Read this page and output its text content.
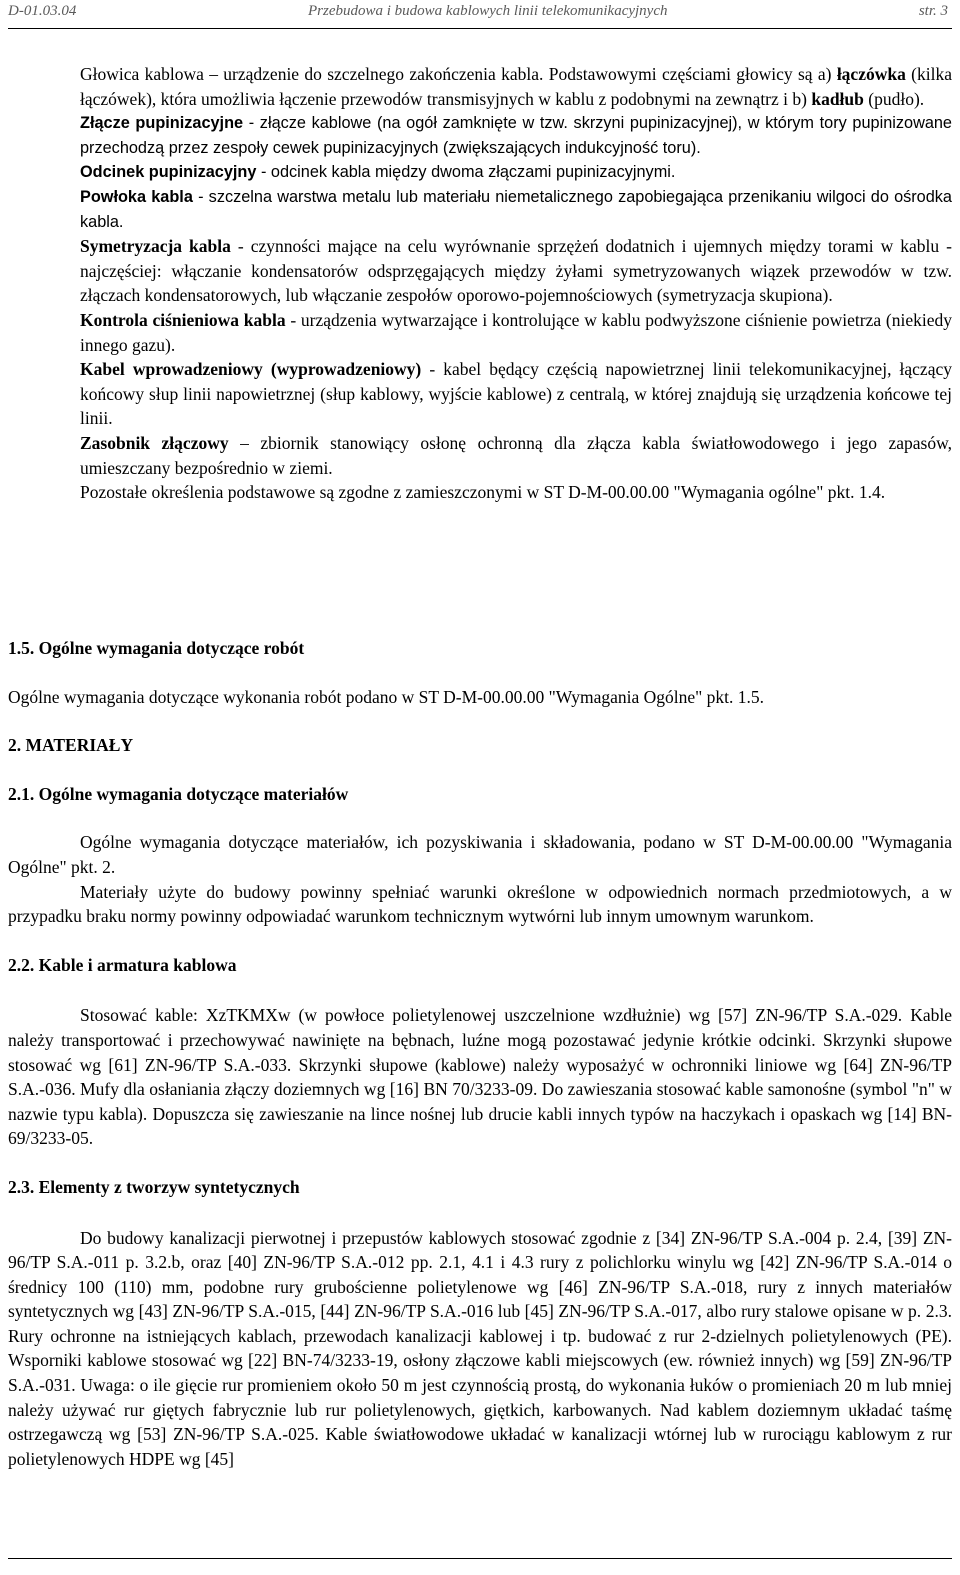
D-01.03.04	Przebudowa i budowa kablowych linii telekomunikacyjnych	str. 3

Głowica kablowa – urządzenie do szczelnego zakończenia kabla. Podstawowymi częściami głowicy są a) łączówka (kilka łączówek), która umożliwia łączenie przewodów transmisyjnych w kablu z podobnymi na zewnątrz i b) kadłub (pudło).

Złącze pupinizacyjne - złącze kablowe (na ogół zamknięte w tzw. skrzyni pupinizacyjnej), w którym tory pupinizowane przechodzą przez zespoły cewek pupinizacyjnych (zwiększających indukcyjność toru).

Odcinek pupinizacyjny - odcinek kabla między dwoma złączami pupinizacyjnymi.

Powłoka kabla - szczelna warstwa metalu lub materiału niemetalicznego zapobiegająca przenikaniu wilgoci do ośrodka kabla.

Symetryzacja kabla - czynności mające na celu wyrównanie sprzężeń dodatnich i ujemnych między torami w kablu - najczęściej: włączanie kondensatorów odsprzęgających między żyłami symetryzowanych wiązek przewodów w tzw. złączach kondensatorowych, lub włączanie zespołów oporowo-pojemnościowych (symetryzacja skupiona).

Kontrola ciśnieniowa kabla - urządzenia wytwarzające i kontrolujące w kablu podwyższone ciśnienie powietrza (niekiedy innego gazu).

Kabel wprowadzeniowy (wyprowadzeniowy) - kabel będący częścią napowietrznej linii telekomunikacyjnej, łączący końcowy słup linii napowietrznej (słup kablowy, wyjście kablowe) z centralą, w której znajdują się urządzenia końcowe tej linii.

Zasobnik złączowy – zbiornik stanowiący osłonę ochronną dla złącza kabla światłowodowego i jego zapasów, umieszczany bezpośrednio w ziemi.

Pozostałe określenia podstawowe są zgodne z zamieszczonymi w ST D-M-00.00.00 "Wymagania ogólne" pkt. 1.4.

1.5. Ogólne wymagania dotyczące robót

Ogólne wymagania dotyczące wykonania robót podano w ST D-M-00.00.00 "Wymagania Ogólne" pkt. 1.5.

2. MATERIAŁY
2.1. Ogólne wymagania dotyczące materiałów

Ogólne wymagania dotyczące materiałów, ich pozyskiwania i składowania, podano w ST D-M-00.00.00 "Wymagania Ogólne" pkt. 2.

Materiały użyte do budowy powinny spełniać warunki określone w odpowiednich normach przedmiotowych, a w przypadku braku normy powinny odpowiadać warunkom technicznym wytwórni lub innym umownym warunkom.

2.2. Kable i armatura kablowa

Stosować kable: XzTKMXw (w powłoce polietylenowej uszczelnione wzdłużnie) wg [57] ZN-96/TP S.A.-029. Kable należy transportować i przechowywać nawinięte na bębnach, luźne mogą pozostawać jedynie krótkie odcinki. Skrzynki słupowe stosować wg [61] ZN-96/TP S.A.-033. Skrzynki słupowe (kablowe) należy wyposażyć w ochronniki liniowe wg [64] ZN-96/TP S.A.-036. Mufy dla osłaniania złączy doziemnych wg [16] BN 70/3233-09. Do zawieszania stosować kable samonośne (symbol "n" w nazwie typu kabla). Dopuszcza się zawieszanie na lince nośnej lub drucie kabli innych typów na haczykach i opaskach wg [14] BN-69/3233-05.

2.3. Elementy z tworzyw syntetycznych

Do budowy kanalizacji pierwotnej i przepustów kablowych stosować zgodnie z [34] ZN-96/TP S.A.-004 p. 2.4, [39] ZN-96/TP S.A.-011 p. 3.2.b, oraz [40] ZN-96/TP S.A.-012 pp. 2.1, 4.1 i 4.3 rury z polichlorku winylu wg [42] ZN-96/TP S.A.-014 o średnicy 100 (110) mm, podobne rury grubościenne polietylenowe wg [46] ZN-96/TP S.A.-018, rury z innych materiałów syntetycznych wg [43] ZN-96/TP S.A.-015, [44] ZN-96/TP S.A.-016 lub [45] ZN-96/TP S.A.-017, albo rury stalowe opisane w p. 2.3. Rury ochronne na istniejących kablach, przewodach kanalizacji kablowej i tp. budować z rur 2-dzielnych polietylenowych (PE). Wsporniki kablowe stosować wg [22] BN-74/3233-19, osłony złączowe kabli miejscowych (ew. również innych) wg [59] ZN-96/TP S.A.-031. Uwaga: o ile gięcie rur promieniem około 50 m jest czynnością prostą, do wykonania łuków o promieniach 20 m lub mniej należy używać rur giętych fabrycznie lub rur polietylenowych, giętkich, karbowanych. Nad kablem doziemnym układać taśmę ostrzegawczą wg [53] ZN-96/TP S.A.-025. Kable światłowodowe układać w kanalizacji wtórnej lub w rurociągu kablowym z rur polietylenowych HDPE wg [45]
